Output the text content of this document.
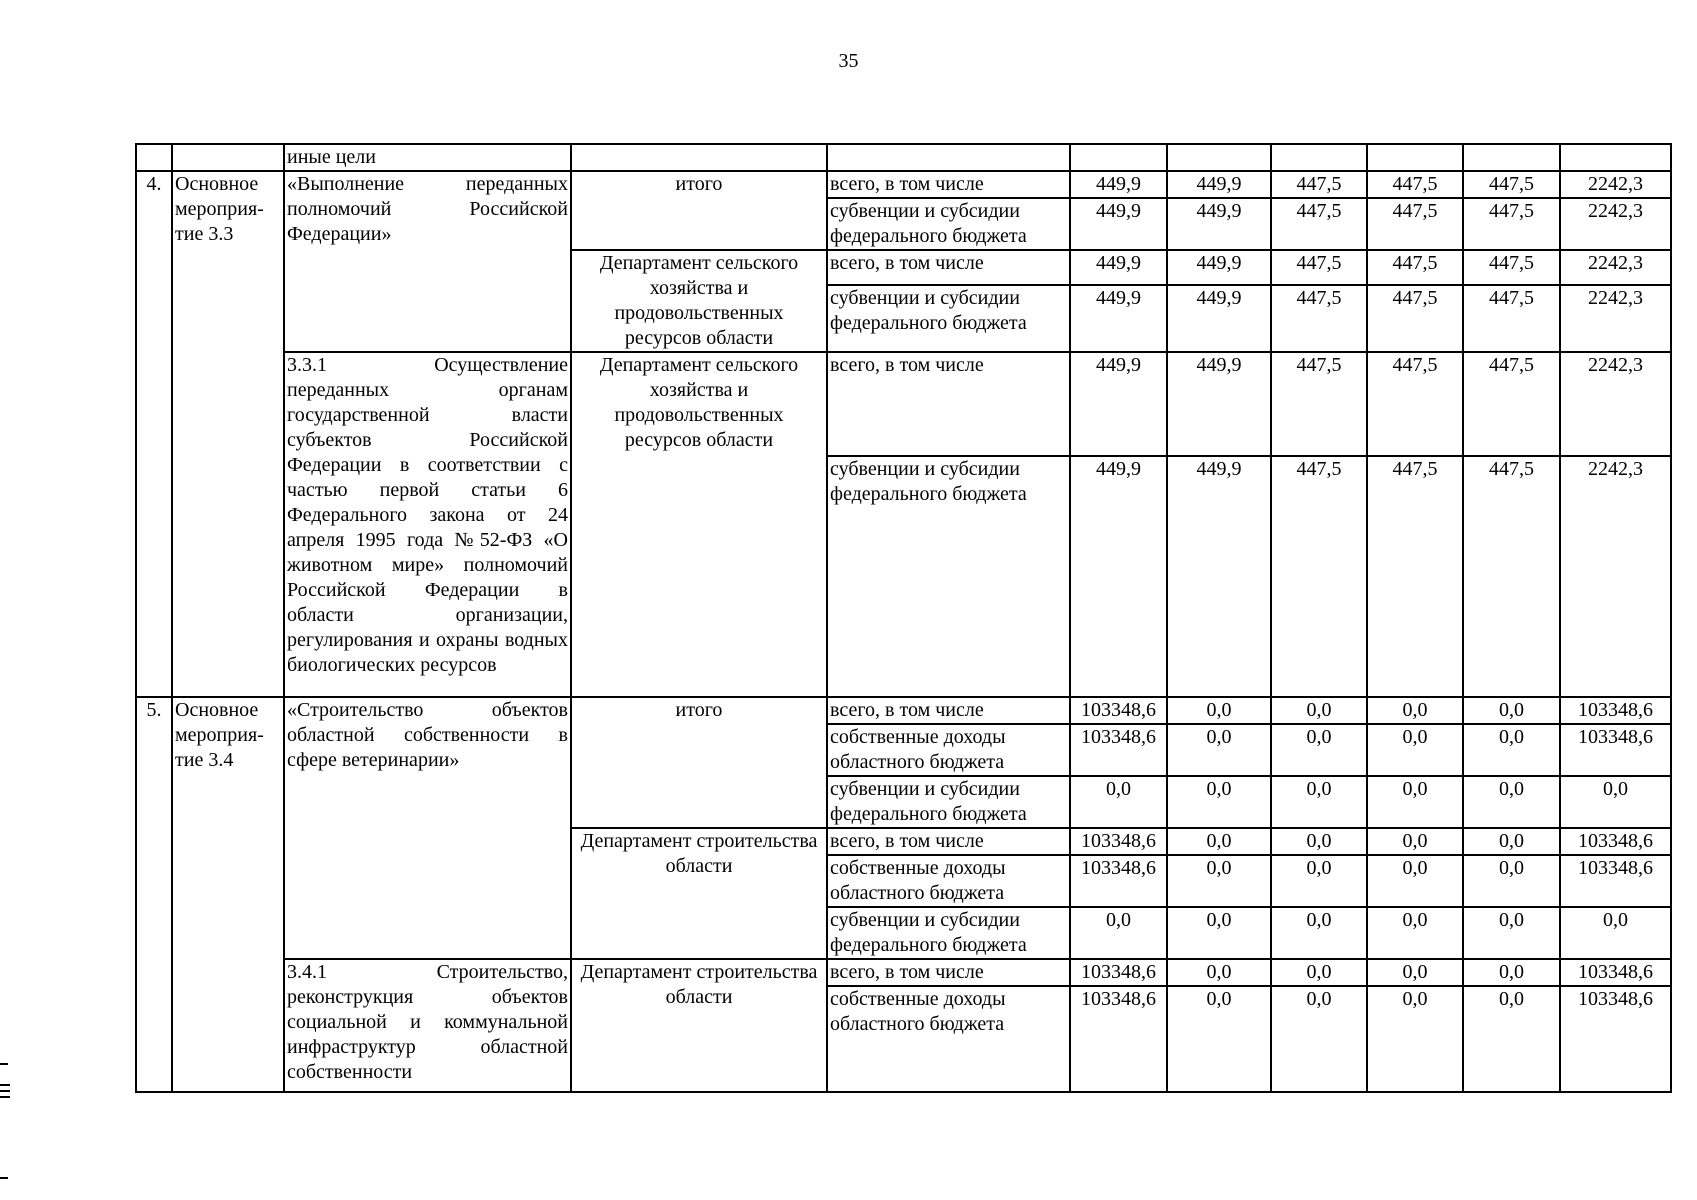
35
		иные цели								
4.	Основное мероприя-тие 3.3	«Выполнение переданных полномочий Российской Федерации»	итого	всего, в том числе	449,9	449,9	447,5	447,5	447,5	2242,3
				субвенции и субсидии федерального бюджета	449,9	449,9	447,5	447,5	447,5	2242,3
			Департамент сельского хозяйства и продовольственных ресурсов области	всего, в том числе	449,9	449,9	447,5	447,5	447,5	2242,3
				субвенции и субсидии федерального бюджета	449,9	449,9	447,5	447,5	447,5	2242,3
		3.3.1 Осуществление переданных органам государственной власти субъектов Российской Федерации в соответствии с частью первой статьи 6 Федерального закона от 24 апреля 1995 года №52-ФЗ «О животном мире» полномочий Российской Федерации в области организации, регулирования и охраны водных биологических ресурсов	Департамент сельского хозяйства и продовольственных ресурсов области	всего, в том числе	449,9	449,9	447,5	447,5	447,5	2242,3
				субвенции и субсидии федерального бюджета	449,9	449,9	447,5	447,5	447,5	2242,3
5.	Основное мероприя-тие 3.4	«Строительство объектов областной собственности в сфере ветеринарии»	итого	всего, в том числе	103348,6	0,0	0,0	0,0	0,0	103348,6
				собственные доходы областного бюджета	103348,6	0,0	0,0	0,0	0,0	103348,6
				субвенции и субсидии федерального бюджета	0,0	0,0	0,0	0,0	0,0	0,0
			Департамент строительства области	всего, в том числе	103348,6	0,0	0,0	0,0	0,0	103348,6
				собственные доходы областного бюджета	103348,6	0,0	0,0	0,0	0,0	103348,6
				субвенции и субсидии федерального бюджета	0,0	0,0	0,0	0,0	0,0	0,0
		3.4.1 Строительство, реконструкция объектов социальной и коммунальной инфраструктур областной собственности	Департамент строительства области	всего, в том числе	103348,6	0,0	0,0	0,0	0,0	103348,6
				собственные доходы областного бюджета	103348,6	0,0	0,0	0,0	0,0	103348,6
